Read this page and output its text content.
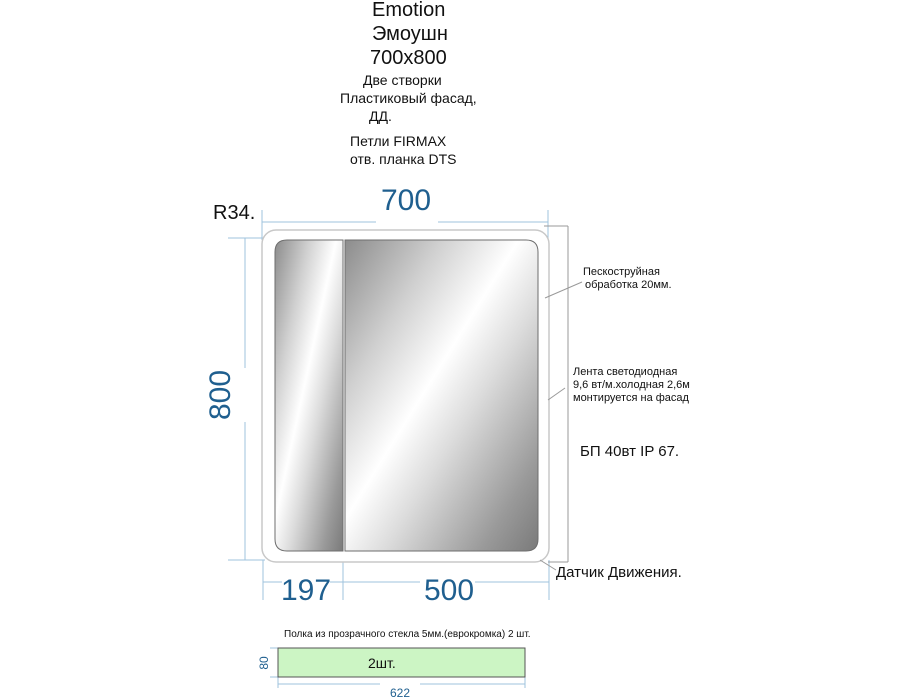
Emotion
Эмоушн
700х800
Две створки
Пластиковый фасад,
ДД.
Петли FIRMAX
отв. планка DTS
R34.	700
800
197	500
Пескоструйная
обработка 20мм.
Лента светодиодная
9,6 вт/м.холодная 2,6м
монтируется на фасад
БП 40вт IP 67.
Датчик Движения.
Полка из прозрачного стекла 5мм.(еврокромка) 2 шт.
2шт.
80
622
